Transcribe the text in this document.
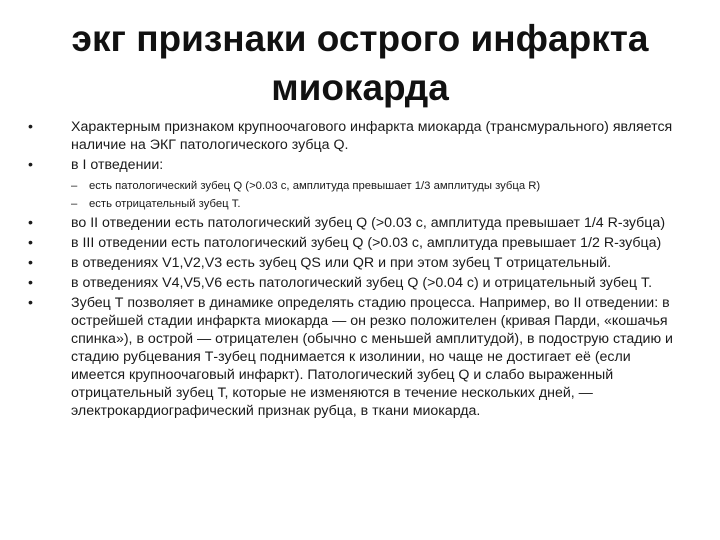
экг признаки острого инфаркта
миокарда
•	Характерным признаком крупноочагового инфаркта миокарда (трансмурального) является наличие на ЭКГ патологического зубца Q.
•	в I отведении:
–	есть патологический зубец Q (>0.03 с, амплитуда превышает 1/3 амплитуды зубца R)
–	есть отрицательный зубец Т.
•	во II отведении есть патологический зубец Q (>0.03 с, амплитуда превышает 1/4 R-зубца)
•	в III отведении есть патологический зубец Q (>0.03 с, амплитуда превышает 1/2 R-зубца)
•	в отведениях V1,V2,V3 есть зубец QS или QR и при этом зубец T отрицательный.
•	в отведениях V4,V5,V6 есть патологический зубец Q (>0.04 с) и отрицательный зубец Т.
•	Зубец Т позволяет в динамике определять стадию процесса. Например, во II отведении: в острейшей стадии инфаркта миокарда — он резко положителен (кривая Парди, «кошачья спинка»), в острой — отрицателен (обычно с меньшей амплитудой), в подострую стадию и стадию рубцевания Т-зубец поднимается к изолинии, но чаще не достигает её (если имеется крупноочаговый инфаркт). Патологический зубец Q и слабо выраженный отрицательный зубец Т, которые не изменяются в течение нескольких дней, — электрокардиографический признак рубца, в ткани миокарда.
